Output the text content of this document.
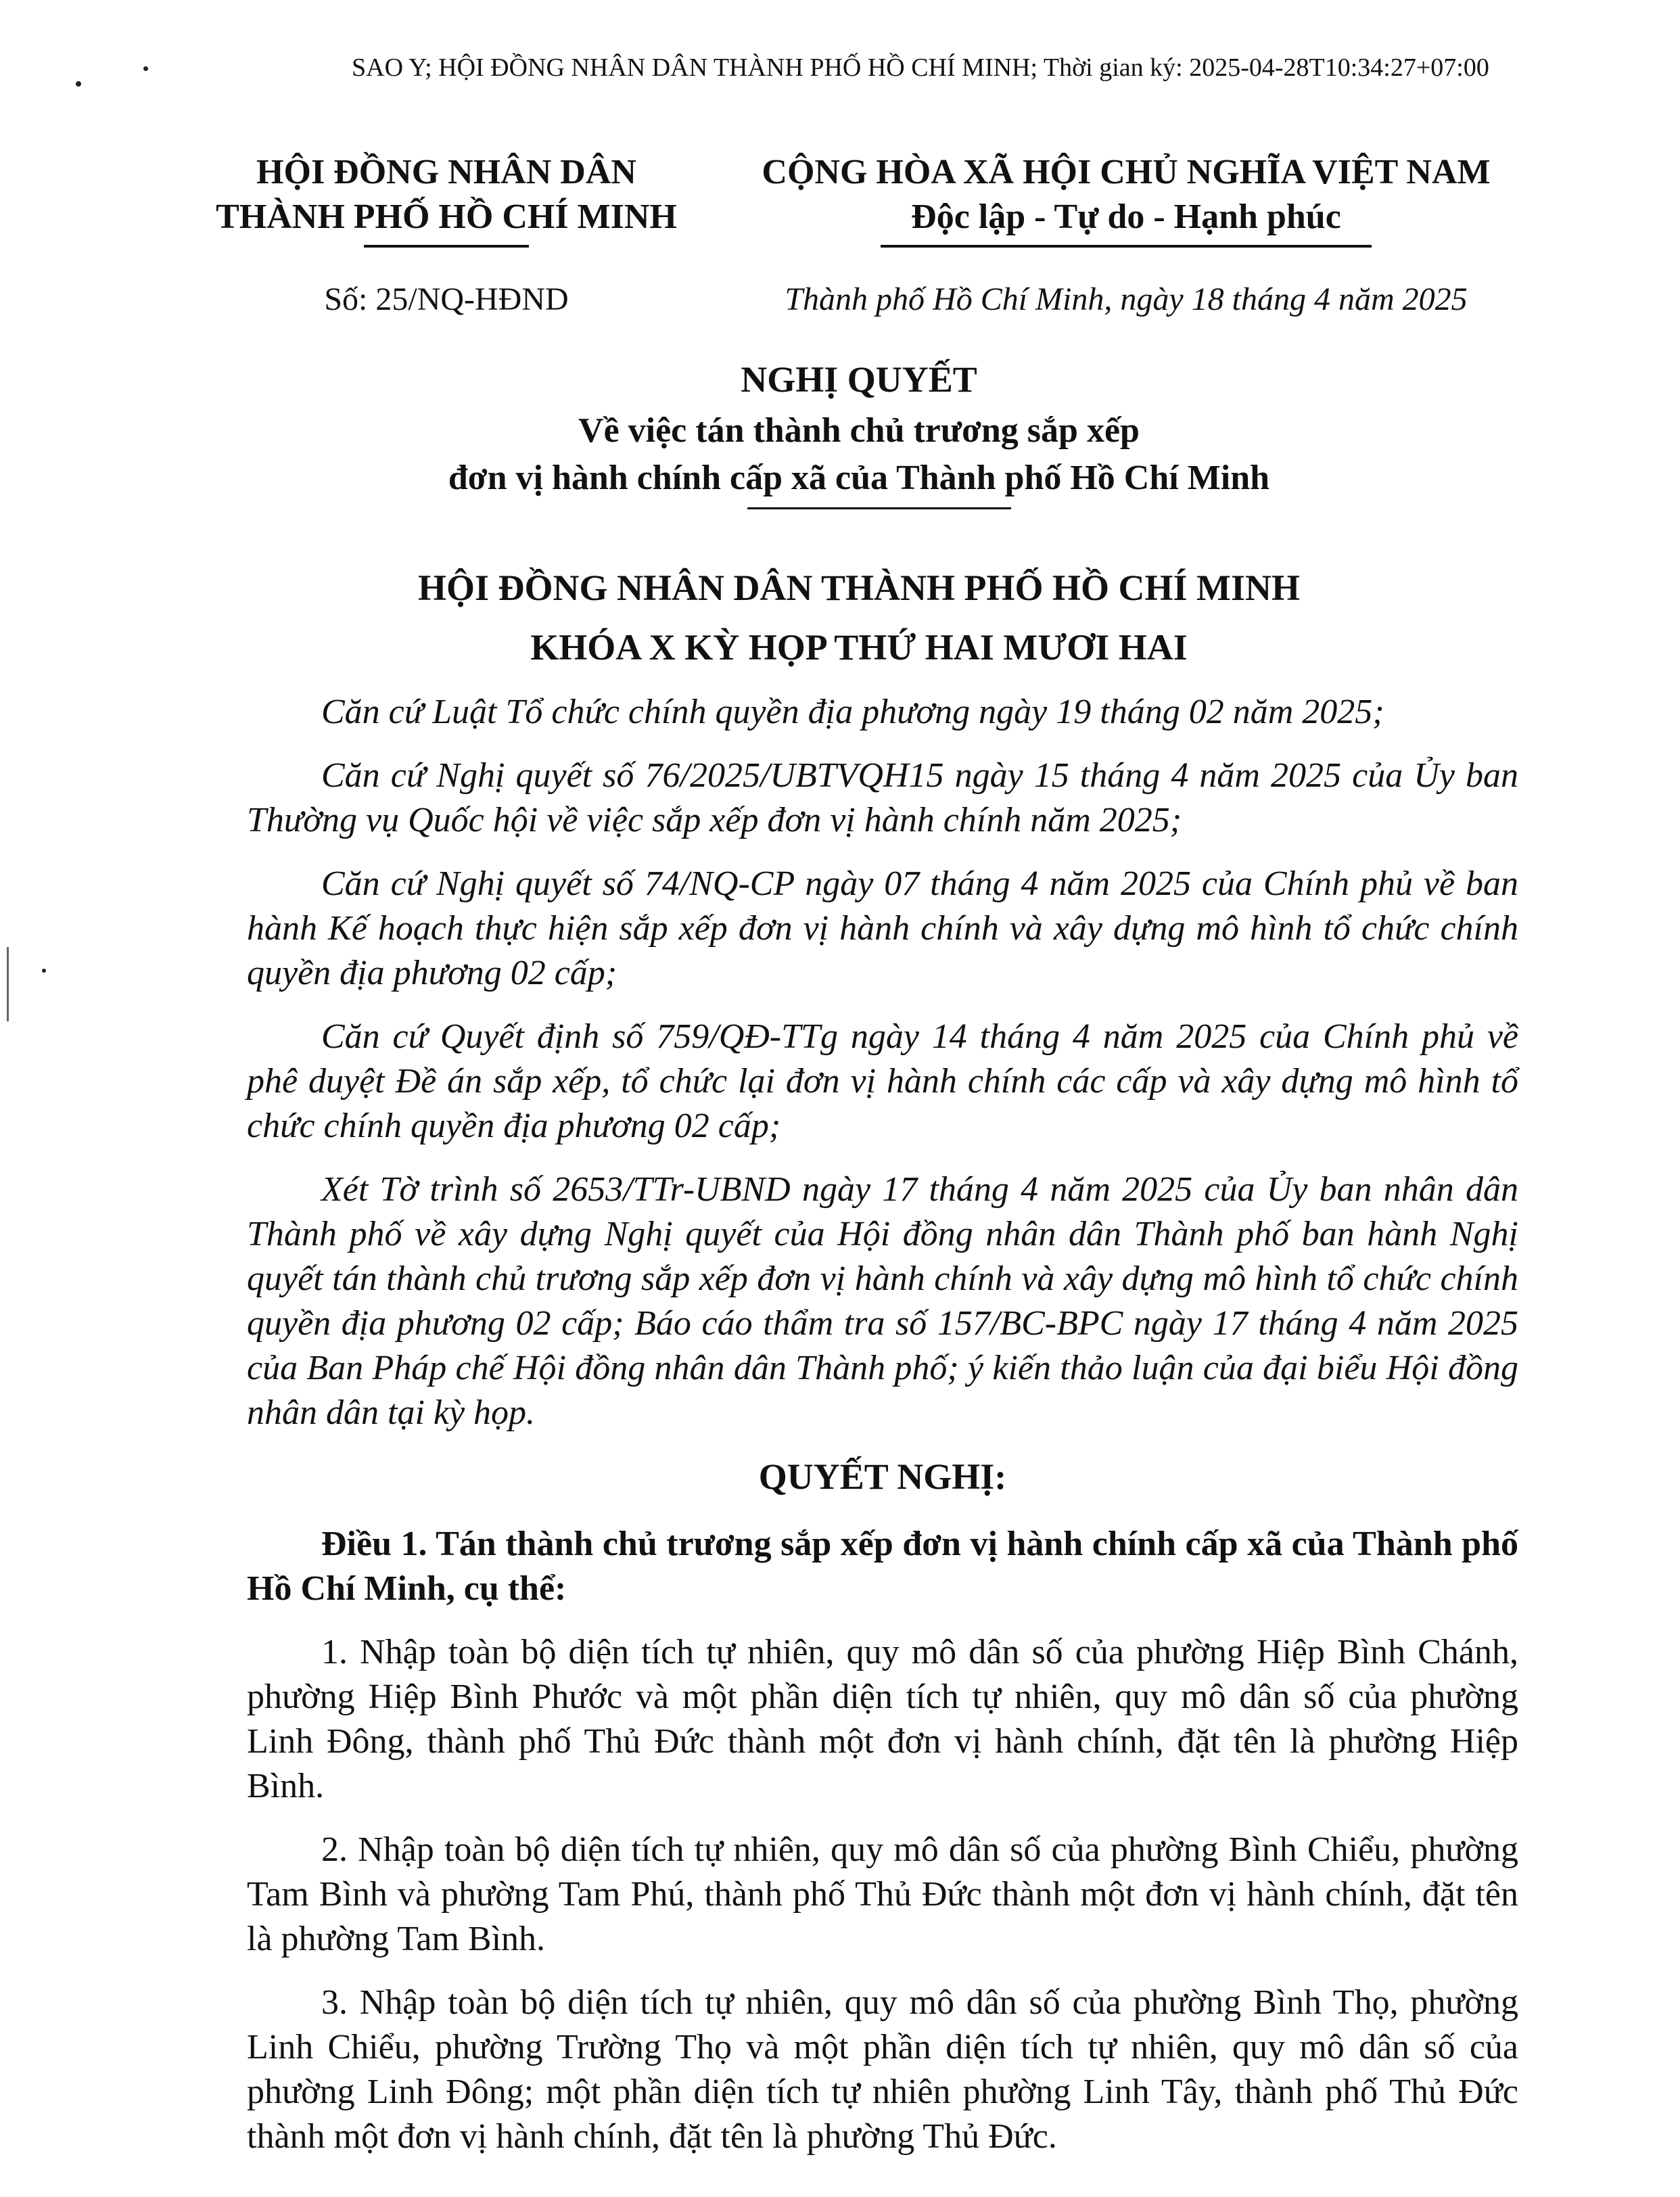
SAO Y; HỘI ĐỒNG NHÂN DÂN THÀNH PHỐ HỒ CHÍ MINH; Thời gian ký: 2025-04-28T10:34:27+07:00
HỘI ĐỒNG NHÂN DÂN
THÀNH PHỐ HỒ CHÍ MINH
CỘNG HÒA XÃ HỘI CHỦ NGHĨA VIỆT NAM
Độc lập - Tự do - Hạnh phúc
Số: 25/NQ-HĐND	Thành phố Hồ Chí Minh, ngày 18 tháng 4 năm 2025
NGHỊ QUYẾT
Về việc tán thành chủ trương sắp xếp
đơn vị hành chính cấp xã của Thành phố Hồ Chí Minh
HỘI ĐỒNG NHÂN DÂN THÀNH PHỐ HỒ CHÍ MINH
KHÓA X KỲ HỌP THỨ HAI MƯƠI HAI

Căn cứ Luật Tổ chức chính quyền địa phương ngày 19 tháng 02 năm 2025;

Căn cứ Nghị quyết số 76/2025/UBTVQH15 ngày 15 tháng 4 năm 2025 của Ủy ban Thường vụ Quốc hội về việc sắp xếp đơn vị hành chính năm 2025;

Căn cứ Nghị quyết số 74/NQ-CP ngày 07 tháng 4 năm 2025 của Chính phủ về ban hành Kế hoạch thực hiện sắp xếp đơn vị hành chính và xây dựng mô hình tổ chức chính quyền địa phương 02 cấp;

Căn cứ Quyết định số 759/QĐ-TTg ngày 14 tháng 4 năm 2025 của Chính phủ về phê duyệt Đề án sắp xếp, tổ chức lại đơn vị hành chính các cấp và xây dựng mô hình tổ chức chính quyền địa phương 02 cấp;

Xét Tờ trình số 2653/TTr-UBND ngày 17 tháng 4 năm 2025 của Ủy ban nhân dân Thành phố về xây dựng Nghị quyết của Hội đồng nhân dân Thành phố ban hành Nghị quyết tán thành chủ trương sắp xếp đơn vị hành chính và xây dựng mô hình tổ chức chính quyền địa phương 02 cấp; Báo cáo thẩm tra số 157/BC-BPC ngày 17 tháng 4 năm 2025 của Ban Pháp chế Hội đồng nhân dân Thành phố; ý kiến thảo luận của đại biểu Hội đồng nhân dân tại kỳ họp.

QUYẾT NGHỊ:

Điều 1. Tán thành chủ trương sắp xếp đơn vị hành chính cấp xã của Thành phố Hồ Chí Minh, cụ thể:

1. Nhập toàn bộ diện tích tự nhiên, quy mô dân số của phường Hiệp Bình Chánh, phường Hiệp Bình Phước và một phần diện tích tự nhiên, quy mô dân số của phường Linh Đông, thành phố Thủ Đức thành một đơn vị hành chính, đặt tên là phường Hiệp Bình.

2. Nhập toàn bộ diện tích tự nhiên, quy mô dân số của phường Bình Chiểu, phường Tam Bình và phường Tam Phú, thành phố Thủ Đức thành một đơn vị hành chính, đặt tên là phường Tam Bình.

3. Nhập toàn bộ diện tích tự nhiên, quy mô dân số của phường Bình Thọ, phường Linh Chiểu, phường Trường Thọ và một phần diện tích tự nhiên, quy mô dân số của phường Linh Đông; một phần diện tích tự nhiên phường Linh Tây, thành phố Thủ Đức thành một đơn vị hành chính, đặt tên là phường Thủ Đức.
